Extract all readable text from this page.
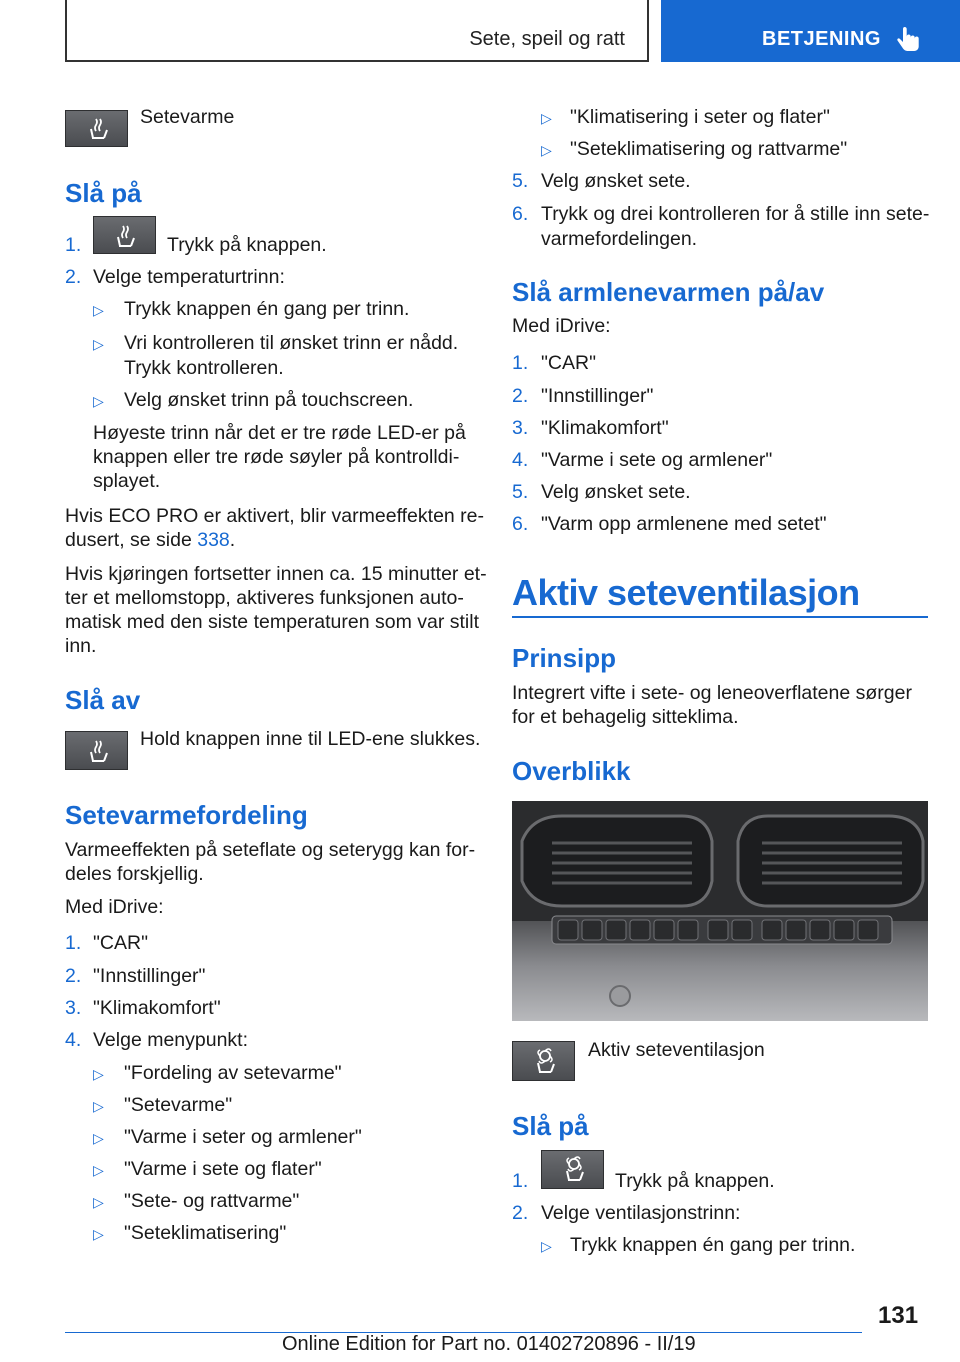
Sete, speil og ratt	BETJENING
Setevarme
Slå på
1.	Trykk på knappen.
2. Velge temperaturtrinn:
▷ Trykk knappen én gang per trinn.
▷ Vri kontrolleren til ønsket trinn er nådd.
Trykk kontrolleren.
▷ Velg ønsket trinn på touchscreen.
Høyeste trinn når det er tre røde LED-er på
knappen eller tre røde søyler på kontrolldi-
splayet.
Hvis ECO PRO er aktivert, blir varmeeffekten re-
dusert, se side 338.
Hvis kjøringen fortsetter innen ca. 15 minutter et-
ter et mellomstopp, aktiveres funksjonen auto-
matisk med den siste temperaturen som var stilt
inn.
Slå av
Hold knappen inne til LED-ene slukkes.
Setevarmefordeling
Varmeeffekten på seteflate og seterygg kan for-
deles forskjellig.
Med iDrive:
1. "CAR"
2. "Innstillinger"
3. "Klimakomfort"
4. Velge menypunkt:
▷ "Fordeling av setevarme"
▷ "Setevarme"
▷ "Varme i seter og armlener"
▷ "Varme i sete og flater"
▷ "Sete- og rattvarme"
▷ "Seteklimatisering"
▷ "Klimatisering i seter og flater"
▷ "Seteklimatisering og rattvarme"
5. Velg ønsket sete.
6. Trykk og drei kontrolleren for å stille inn sete-
varmefordelingen.
Slå armlenevarmen på/av
Med iDrive:
1. "CAR"
2. "Innstillinger"
3. "Klimakomfort"
4. "Varme i sete og armlener"
5. Velg ønsket sete.
6. "Varm opp armlenene med setet"
Aktiv seteventilasjon
Prinsipp
Integrert vifte i sete- og leneoverflatene sørger
for et behagelig sitteklima.
Overblikk
Aktiv seteventilasjon
Slå på
1.	Trykk på knappen.
2. Velge ventilasjonstrinn:
▷ Trykk knappen én gang per trinn.
131
Online Edition for Part no. 01402720896 - II/19
